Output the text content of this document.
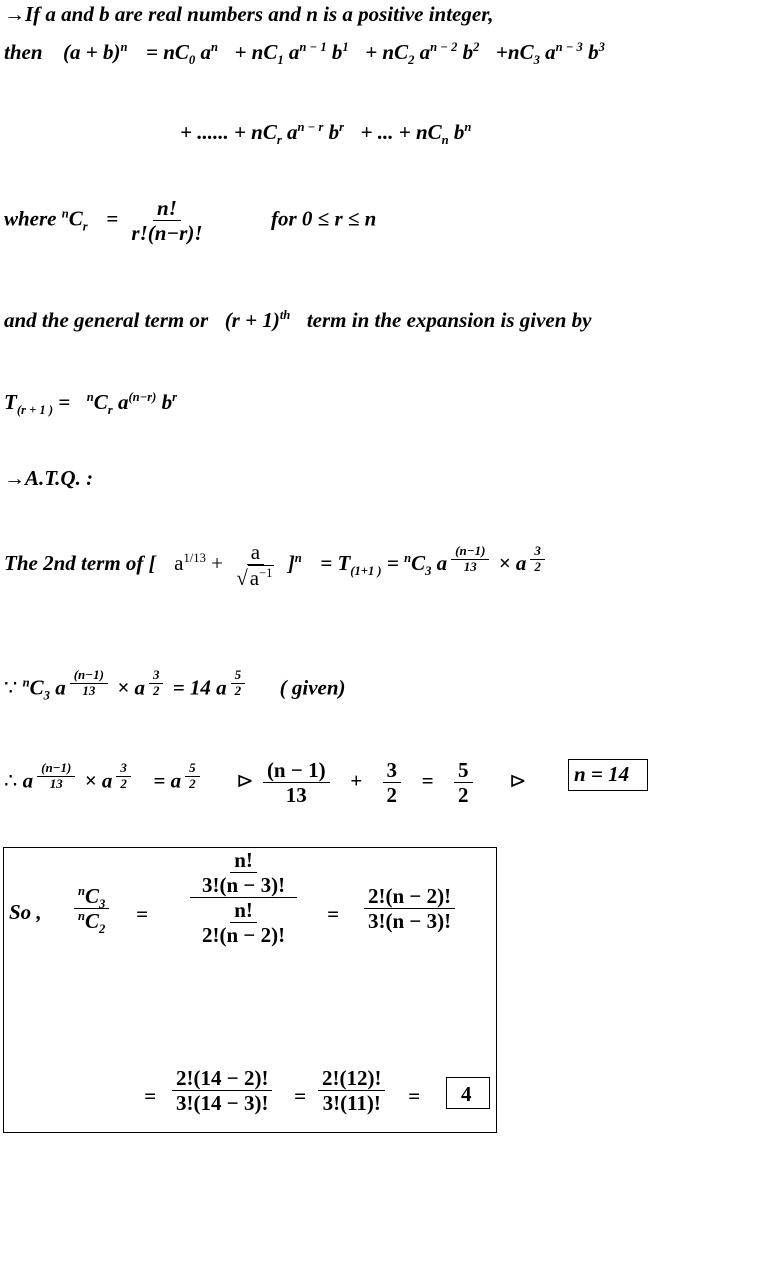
→If a and b are real numbers and n is a positive integer,
then $(a + b)^n = nC_0$ $a^n + nC_1$ $a^{n - 1}$ $b^1 + nC_2$ $a^{n - 2}$ $b^2 +nC_3$ $a^{n - 3}$ $b^3$
+ ...... + $nC_r$ $a^{n - r}$ $b^r$ + ... + $nC_n$ $b^n$
where $^nC_r = \frac{n!}{r!(n-r)!}$	for 0 ≤ r ≤ n
and the general term or $(r + 1)^{th}$ term in the expansion is given by
$T_{(r + 1 )} = ^nC_r$ $a^{(n-r)}$ $b^r$
→A.T.Q. :
The 2nd term of [ $a^{1/13} + \frac{a}{√a^{-1}} ]^n = T_{(1+1 )} = ^nC_3$ a $^{\frac{(n-1)}{13}}$ × a $^{\frac{3}{2}}$
∵ $^nC_3$ a $^{\frac{(n-1)}{13}}$ × a $^{\frac{3}{2}}$ = 14 a $^{\frac{5}{2}}$ ( given)
∴ a $^{\frac{(n-1)}{13}}$ × a $^{\frac{3}{2}}$ = a $^{\frac{5}{2}}$ ⊳ $\frac{(n - 1)}{13} + \frac{3}{2} = \frac{5}{2}$ ⊳ n = 14
So ,	$\frac{^nC_3}{^nC_2} = \frac{\frac{n!}{3!(n - 3)!}}{\frac{n!}{2!(n - 2)!}} = \frac{2!(n - 2)!}{3!(n - 3)!}$
= $\frac{2!(14 - 2)!}{3!(14 - 3)!} = \frac{2!(12)!}{3!(11)!} = 4$
